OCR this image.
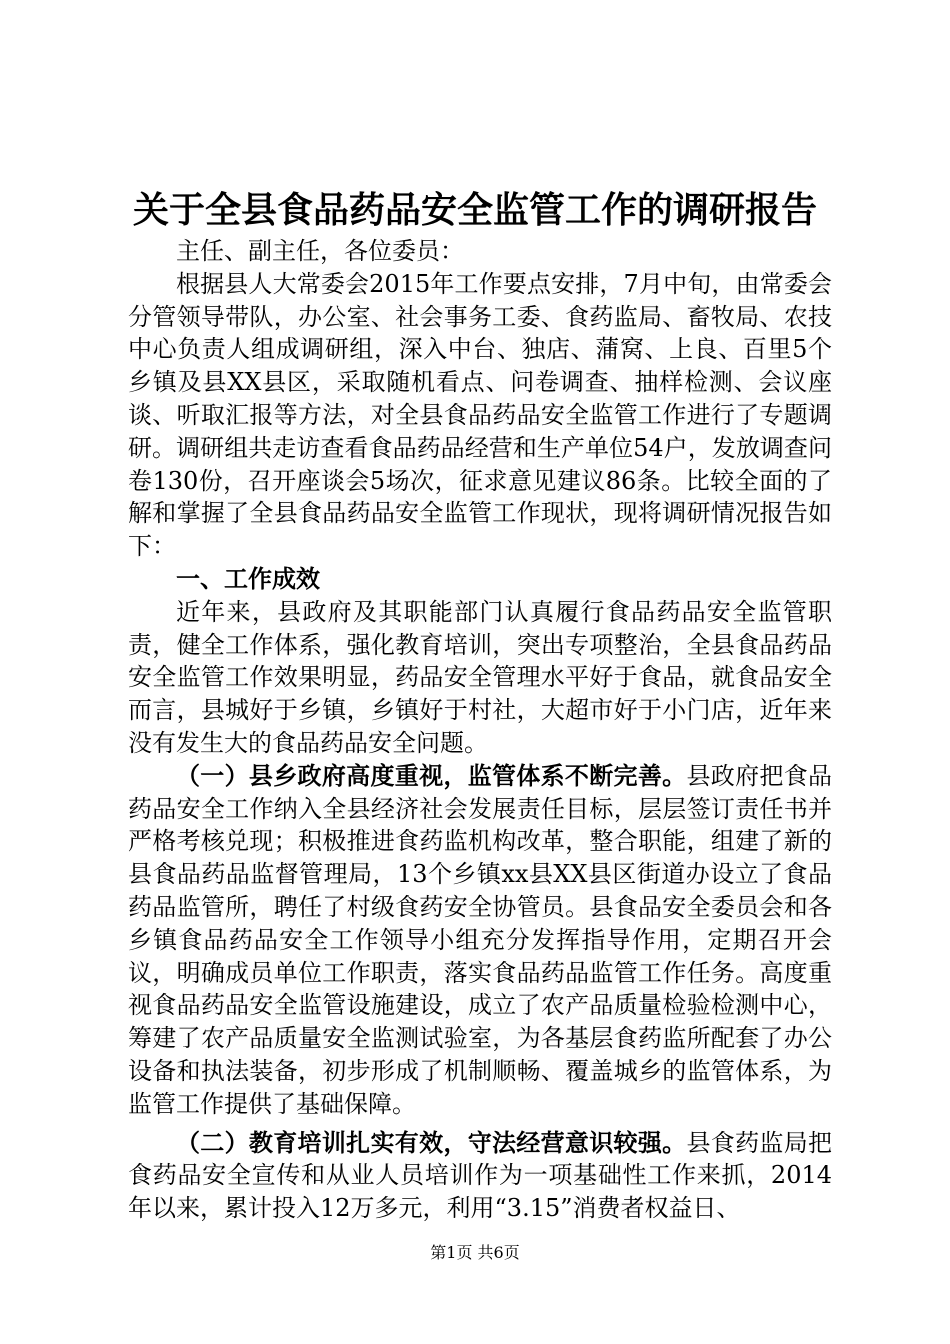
关于全县食品药品安全监管工作的调研报告

主任、副主任，各位委员：

根据县人大常委会2015年工作要点安排，7月中旬，由常委会分管领导带队，办公室、社会事务工委、食药监局、畜牧局、农技中心负责人组成调研组，深入中台、独店、蒲窝、上良、百里5个乡镇及县XX县区，采取随机看点、问卷调查、抽样检测、会议座谈、听取汇报等方法，对全县食品药品安全监管工作进行了专题调研。调研组共走访查看食品药品经营和生产单位54户，发放调查问卷130份，召开座谈会5场次，征求意见建议86条。比较全面的了解和掌握了全县食品药品安全监管工作现状，现将调研情况报告如下：

一、工作成效

近年来，县政府及其职能部门认真履行食品药品安全监管职责，健全工作体系，强化教育培训，突出专项整治，全县食品药品安全监管工作效果明显，药品安全管理水平好于食品，就食品安全而言，县城好于乡镇，乡镇好于村社，大超市好于小门店，近年来没有发生大的食品药品安全问题。

（一）县乡政府高度重视，监管体系不断完善。县政府把食品药品安全工作纳入全县经济社会发展责任目标，层层签订责任书并严格考核兑现；积极推进食药监机构改革，整合职能，组建了新的县食品药品监督管理局，13个乡镇xx县XX县区街道办设立了食品药品监管所，聘任了村级食药安全协管员。县食品安全委员会和各乡镇食品药品安全工作领导小组充分发挥指导作用，定期召开会议，明确成员单位工作职责，落实食品药品监管工作任务。高度重视食品药品安全监管设施建设，成立了农产品质量检验检测中心，筹建了农产品质量安全监测试验室，为各基层食药监所配套了办公设备和执法装备，初步形成了机制顺畅、覆盖城乡的监管体系，为监管工作提供了基础保障。

（二）教育培训扎实有效，守法经营意识较强。县食药监局把食药品安全宣传和从业人员培训作为一项基础性工作来抓，2014年以来，累计投入12万多元，利用“3.15”消费者权益日、

第1页 共6页
